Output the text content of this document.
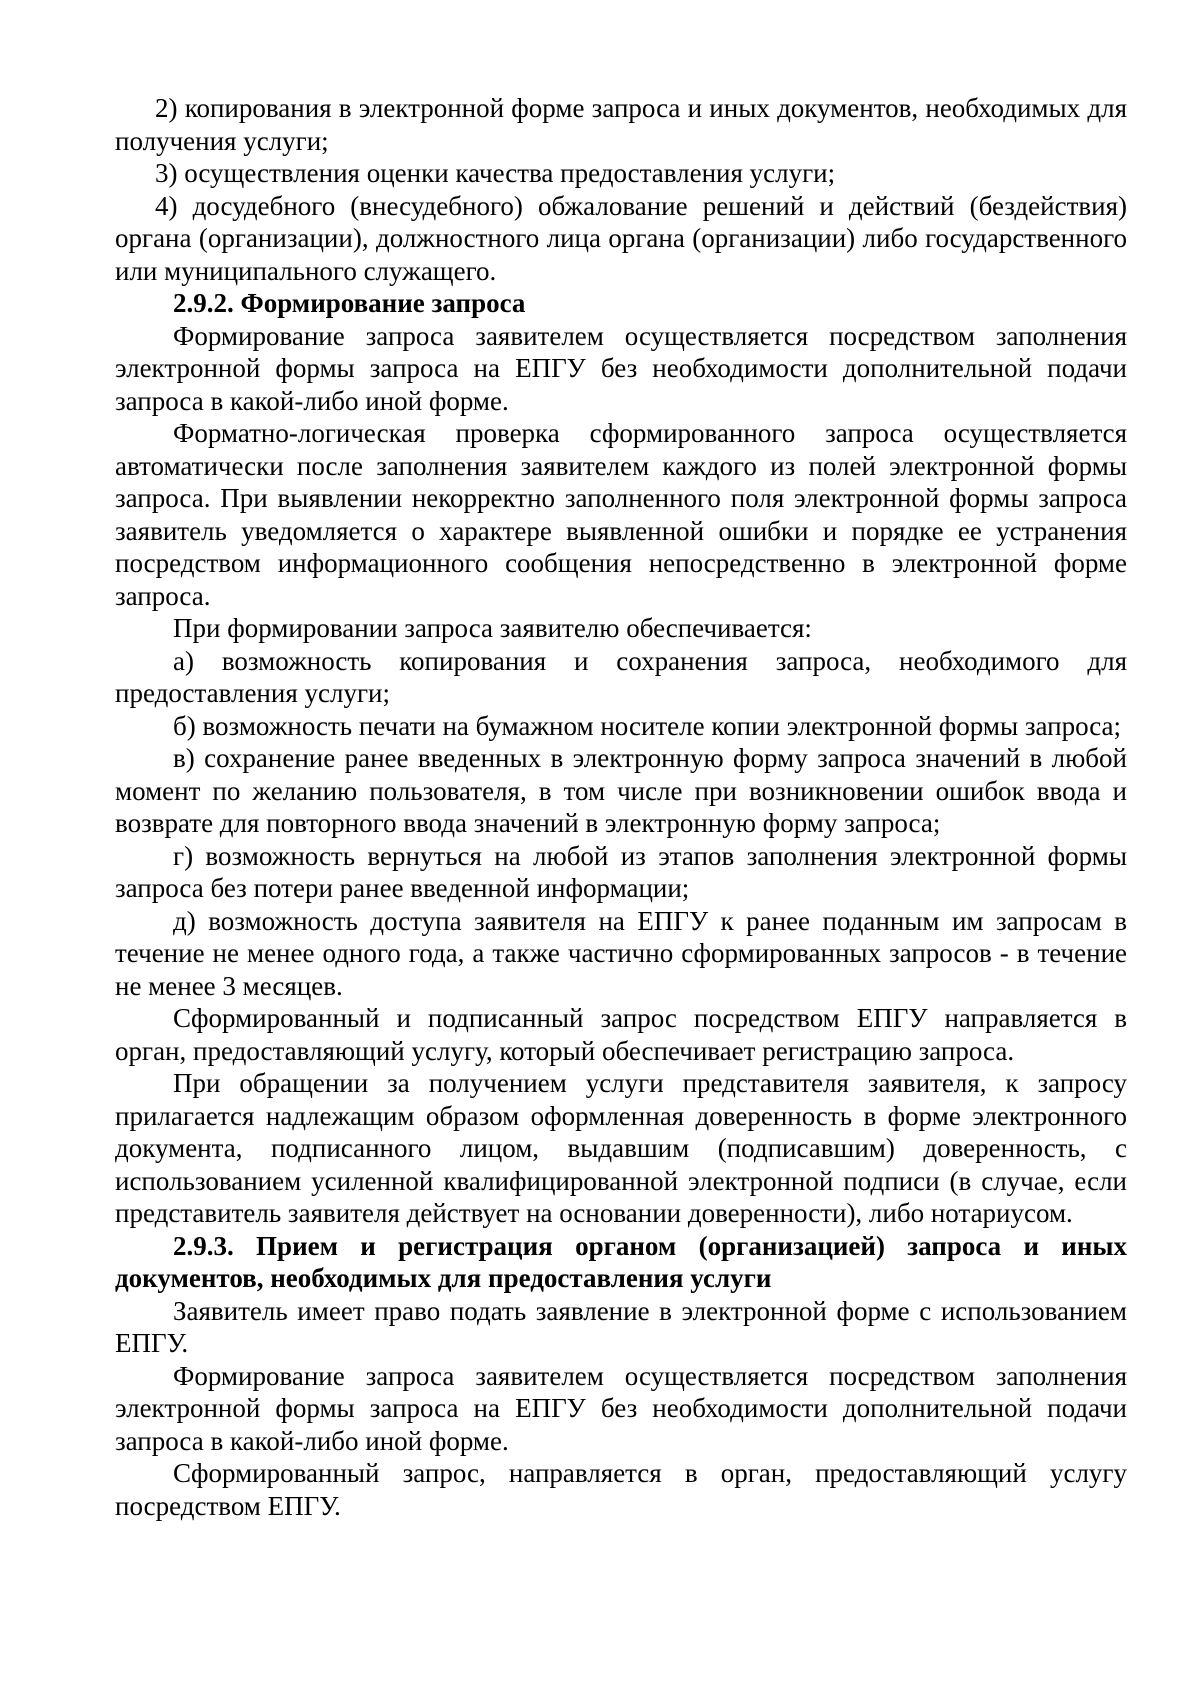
2) копирования в электронной форме запроса и иных документов, необходимых для получения услуги;

3) осуществления оценки качества предоставления услуги;

4) досудебного (внесудебного) обжалование решений и действий (бездействия) органа (организации), должностного лица органа (организации) либо государственного или муниципального служащего.

2.9.2. Формирование запроса

Формирование запроса заявителем осуществляется посредством заполнения электронной формы запроса на ЕПГУ без необходимости дополнительной подачи запроса в какой-либо иной форме.

Форматно-логическая проверка сформированного запроса осуществляется автоматически после заполнения заявителем каждого из полей электронной формы запроса. При выявлении некорректно заполненного поля электронной формы запроса заявитель уведомляется о характере выявленной ошибки и порядке ее устранения посредством информационного сообщения непосредственно в электронной форме запроса.

При формировании запроса заявителю обеспечивается:

а) возможность копирования и сохранения запроса, необходимого для предоставления услуги;

б) возможность печати на бумажном носителе копии электронной формы запроса;

в) сохранение ранее введенных в электронную форму запроса значений в любой момент по желанию пользователя, в том числе при возникновении ошибок ввода и возврате для повторного ввода значений в электронную форму запроса;

г) возможность вернуться на любой из этапов заполнения электронной формы запроса без потери ранее введенной информации;

д) возможность доступа заявителя на ЕПГУ к ранее поданным им запросам в течение не менее одного года, а также частично сформированных запросов - в течение не менее 3 месяцев.

Сформированный и подписанный запрос посредством ЕПГУ направляется в орган, предоставляющий услугу, который обеспечивает регистрацию запроса.

При обращении за получением услуги представителя заявителя, к запросу прилагается надлежащим образом оформленная доверенность в форме электронного документа, подписанного лицом, выдавшим (подписавшим) доверенность, с использованием усиленной квалифицированной электронной подписи (в случае, если представитель заявителя действует на основании доверенности), либо нотариусом.

2.9.3. Прием и регистрация органом (организацией) запроса и иных документов, необходимых для предоставления услуги

Заявитель имеет право подать заявление в электронной форме с использованием ЕПГУ.

Формирование запроса заявителем осуществляется посредством заполнения электронной формы запроса на ЕПГУ без необходимости дополнительной подачи запроса в какой-либо иной форме.

Сформированный запрос, направляется в орган, предоставляющий услугу посредством ЕПГУ.
